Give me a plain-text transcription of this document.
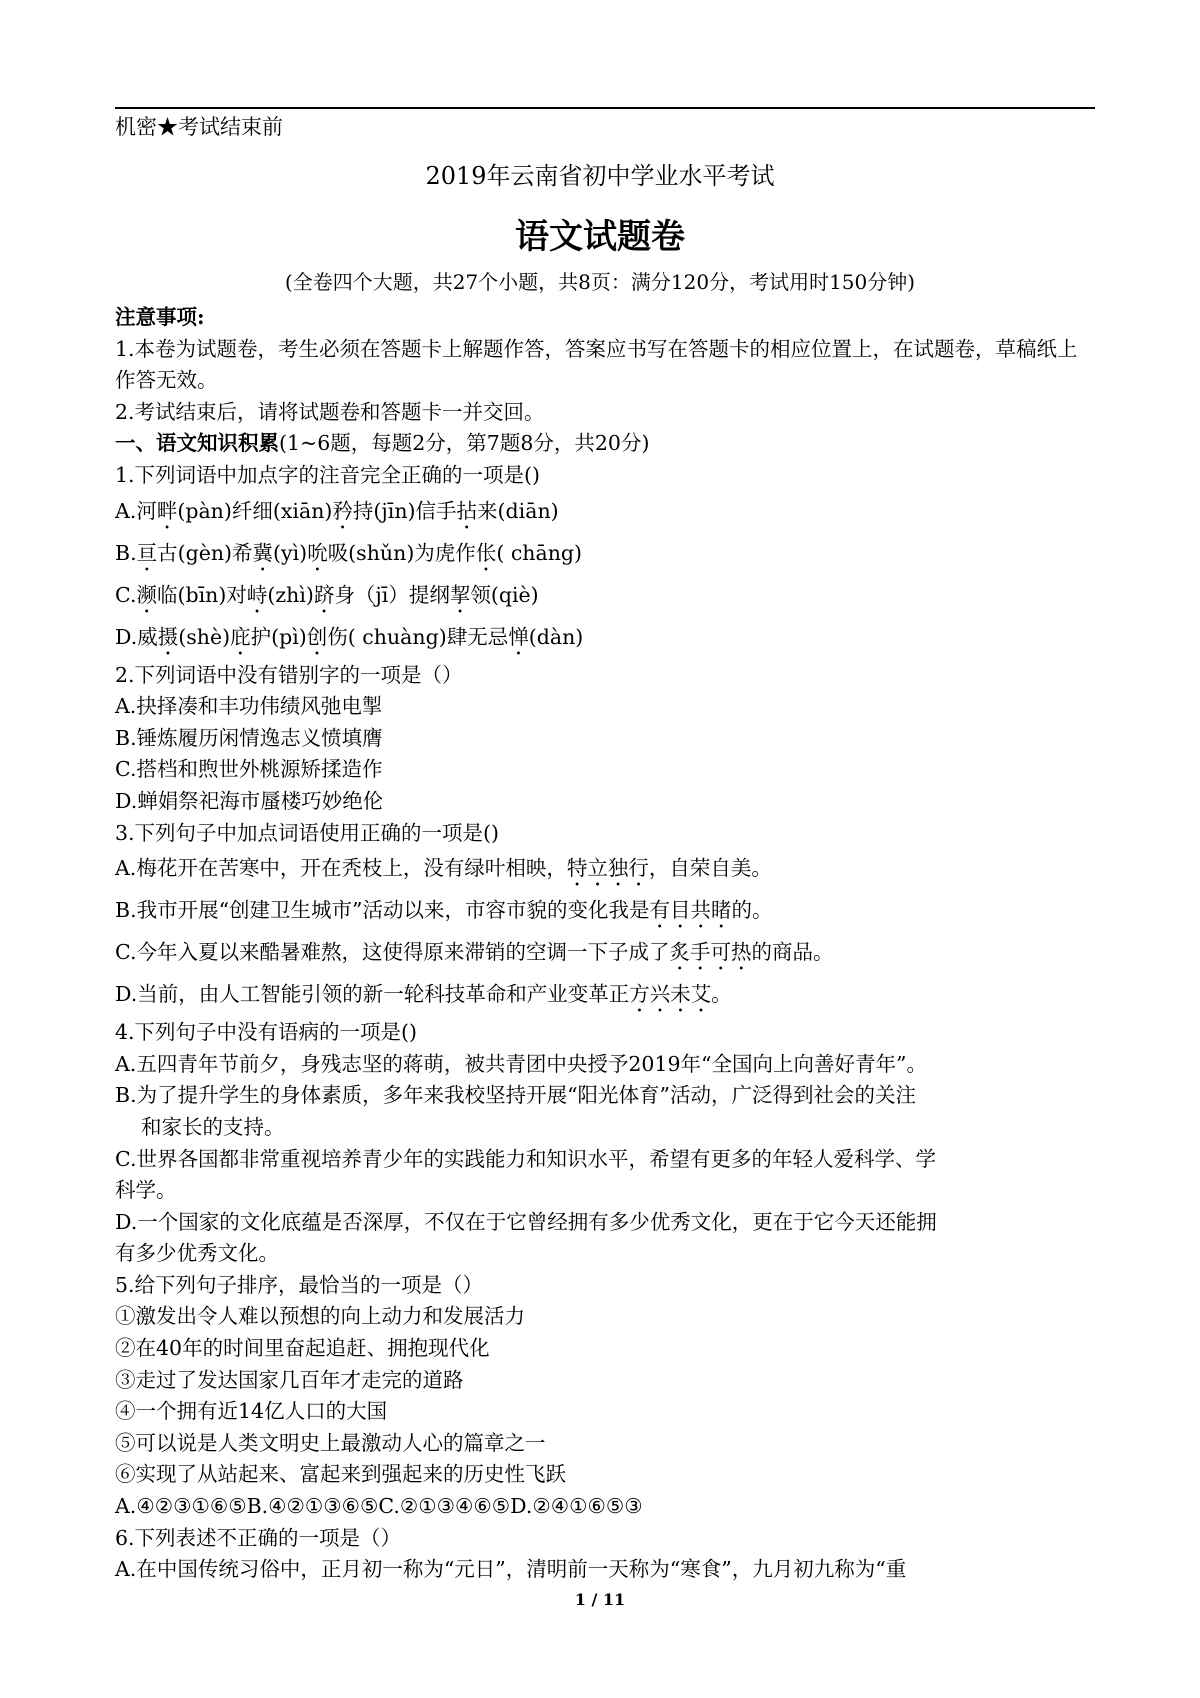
机密★考试结束前
2019年云南省初中学业水平考试
语文试题卷
(全卷四个大题，共27个小题，共8页：满分120分，考试用时150分钟)
注意事项:
1.本卷为试题卷，考生必须在答题卡上解题作答，答案应书写在答题卡的相应位置上，在试题卷，草稿纸上作答无效。
2.考试结束后，请将试题卷和答题卡一并交回。
一、语文知识积累(1~6题，每题2分，第7题8分，共20分)
1.下列词语中加点字的注音完全正确的一项是()
A.河畔(pàn)纤细(xiān)矜持(jīn)信手拈来(diān)
B.亘古(gèn)希冀(yì)吮吸(shǔn)为虎作伥( chāng)
C.濒临(bīn)对峙(zhì)跻身（jī）提纲挈领(qiè)
D.威摄(shè)庇护(pì)创伤( chuàng)肆无忌惮(dàn)
2.下列词语中没有错别字的一项是（）
A.抉择凑和丰功伟绩风弛电掣
B.锤炼履历闲情逸志义愤填膺
C.搭档和煦世外桃源矫揉造作
D.蝉娟祭祀海市蜃楼巧妙绝伦
3.下列句子中加点词语使用正确的一项是()
A.梅花开在苦寒中，开在秃枝上，没有绿叶相映，特立独行，自荣自美。
B.我市开展“创建卫生城市”活动以来，市容市貌的变化我是有目共睹的。
C.今年入夏以来酷暑难熬，这使得原来滞销的空调一下子成了炙手可热的商品。
D.当前，由人工智能引领的新一轮科技革命和产业变革正方兴未艾。
4.下列句子中没有语病的一项是()
A.五四青年节前夕，身残志坚的蒋萌，被共青团中央授予2019年“全国向上向善好青年”。
B.为了提升学生的身体素质，多年来我校坚持开展“阳光体育”活动，广泛得到社会的关注
和家长的支持。
C.世界各国都非常重视培养青少年的实践能力和知识水平，希望有更多的年轻人爱科学、学
科学。
D.一个国家的文化底蕴是否深厚，不仅在于它曾经拥有多少优秀文化，更在于它今天还能拥
有多少优秀文化。
5.给下列句子排序，最恰当的一项是（）
①激发出令人难以预想的向上动力和发展活力
②在40年的时间里奋起追赶、拥抱现代化
③走过了发达国家几百年才走完的道路
④一个拥有近14亿人口的大国
⑤可以说是人类文明史上最激动人心的篇章之一
⑥实现了从站起来、富起来到强起来的历史性飞跃
A.④②③①⑥⑤B.④②①③⑥⑤C.②①③④⑥⑤D.②④①⑥⑤③
6.下列表述不正确的一项是（）
A.在中国传统习俗中，正月初一称为“元日”，清明前一天称为“寒食”，九月初九称为“重
1 / 11
